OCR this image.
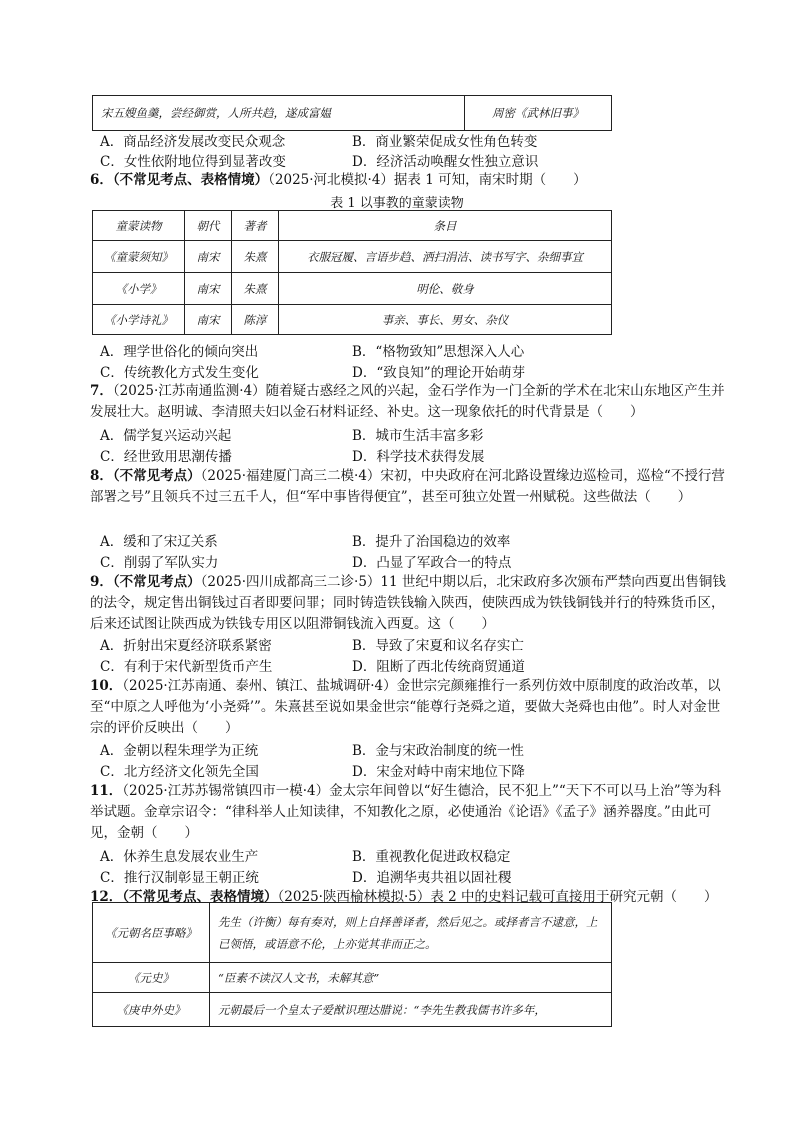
宋五嫂鱼羹，尝经御赏，人所共趋，遂成富媪	周密《武林旧事》
A．商品经济发展改变民众观念	B．商业繁荣促成女性角色转变
C．女性依附地位得到显著改变	D．经济活动唤醒女性独立意识
6．（不常见考点、表格情境）（2025·河北模拟·4）据表 1 可知，南宋时期（　　）
表 1 以事教的童蒙读物
童蒙读物	朝代	著者	条目
《童蒙须知》	南宋	朱熹	衣服冠履、言语步趋、洒扫涓洁、读书写字、杂细事宜
《小学》	南宋	朱熹	明伦、敬身
《小学诗礼》	南宋	陈淳	事亲、事长、男女、杂仪
A．理学世俗化的倾向突出	B．“格物致知”思想深入人心
C．传统教化方式发生变化	D．“致良知”的理论开始萌芽
7．（2025·江苏南通监测·4）随着疑古惑经之风的兴起，金石学作为一门全新的学术在北宋山东地区产生并发展壮大。赵明诚、李清照夫妇以金石材料证经、补史。这一现象依托的时代背景是（　　）
A．儒学复兴运动兴起	B．城市生活丰富多彩
C．经世致用思潮传播	D．科学技术获得发展
8．（不常见考点）（2025·福建厦门高三二模·4）宋初，中央政府在河北路设置缘边巡检司，巡检“不授行营部署之号”且领兵不过三五千人，但“军中事皆得便宜”，甚至可独立处置一州赋税。这些做法（　　）
A．缓和了宋辽关系	B．提升了治国稳边的效率
C．削弱了军队实力	D．凸显了军政合一的特点
9．（不常见考点）（2025·四川成都高三二诊·5）11 世纪中期以后，北宋政府多次颁布严禁向西夏出售铜钱的法令，规定售出铜钱过百者即要问罪；同时铸造铁钱输入陕西，使陕西成为铁钱铜钱并行的特殊货币区，后来还试图让陕西成为铁钱专用区以阻滞铜钱流入西夏。这（　　）
A．折射出宋夏经济联系紧密	B．导致了宋夏和议名存实亡
C．有利于宋代新型货币产生	D．阻断了西北传统商贸通道
10．（2025·江苏南通、泰州、镇江、盐城调研·4）金世宗完颜雍推行一系列仿效中原制度的政治改革，以至“中原之人呼他为‘小尧舜’”。朱熹甚至说如果金世宗“能尊行尧舜之道，要做大尧舜也由他”。时人对金世宗的评价反映出（　　）
A．金朝以程朱理学为正统	B．金与宋政治制度的统一性
C．北方经济文化领先全国	D．宋金对峙中南宋地位下降
11．（2025·江苏苏锡常镇四市一模·4）金太宗年间曾以“好生德洽，民不犯上”“天下不可以马上治”等为科举试题。金章宗诏令：“律科举人止知读律，不知教化之原，必使通治《论语》《孟子》涵养器度。”由此可见，金朝（　　）
A．休养生息发展农业生产	B．重视教化促进政权稳定
C．推行汉制彰显王朝正统	D．追溯华夷共祖以固社稷
12．（不常见考点、表格情境）（2025·陕西榆林模拟·5）表 2 中的史料记载可直接用于研究元朝（　　）
《元朝名臣事略》	先生（许衡）每有奏对，则上自择善译者，然后见之。或择者言不逮意，上已领悟，或语意不伦，上亦觉其非而正之。
《元史》	“臣素不读汉人文书，未解其意”
《庚申外史》	元朝最后一个皇太子爱猷识理达腊说：“李先生教我儒书许多年，
